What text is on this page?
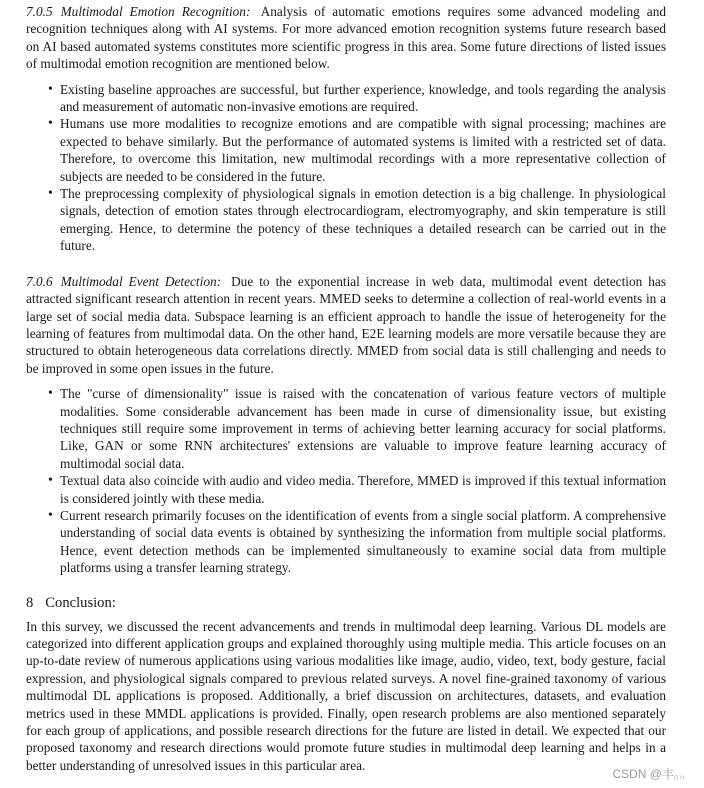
7.0.5 Multimodal Emotion Recognition: Analysis of automatic emotions requires some advanced modeling and recognition techniques along with AI systems. For more advanced emotion recognition systems future research based on AI based automated systems constitutes more scientific progress in this area. Some future directions of listed issues of multimodal emotion recognition are mentioned below.

• Existing baseline approaches are successful, but further experience, knowledge, and tools regarding the analysis and measurement of automatic non-invasive emotions are required.
• Humans use more modalities to recognize emotions and are compatible with signal processing; machines are expected to behave similarly. But the performance of automated systems is limited with a restricted set of data. Therefore, to overcome this limitation, new multimodal recordings with a more representative collection of subjects are needed to be considered in the future.
• The preprocessing complexity of physiological signals in emotion detection is a big challenge. In physiological signals, detection of emotion states through electrocardiogram, electromyography, and skin temperature is still emerging. Hence, to determine the potency of these techniques a detailed research can be carried out in the future.

7.0.6 Multimodal Event Detection: Due to the exponential increase in web data, multimodal event detection has attracted significant research attention in recent years. MMED seeks to determine a collection of real-world events in a large set of social media data. Subspace learning is an efficient approach to handle the issue of heterogeneity for the learning of features from multimodal data. On the other hand, E2E learning models are more versatile because they are structured to obtain heterogeneous data correlations directly. MMED from social data is still challenging and needs to be improved in some open issues in the future.

• The "curse of dimensionality" issue is raised with the concatenation of various feature vectors of multiple modalities. Some considerable advancement has been made in curse of dimensionality issue, but existing techniques still require some improvement in terms of achieving better learning accuracy for social platforms. Like, GAN or some RNN architectures' extensions are valuable to improve feature learning accuracy of multimodal social data.
• Textual data also coincide with audio and video media. Therefore, MMED is improved if this textual information is considered jointly with these media.
• Current research primarily focuses on the identification of events from a single social platform. A comprehensive understanding of social data events is obtained by synthesizing the information from multiple social platforms. Hence, event detection methods can be implemented simultaneously to examine social data from multiple platforms using a transfer learning strategy.
8 Conclusion:

In this survey, we discussed the recent advancements and trends in multimodal deep learning. Various DL models are categorized into different application groups and explained thoroughly using multiple media. This article focuses on an up-to-date review of numerous applications using various modalities like image, audio, video, text, body gesture, facial expression, and physiological signals compared to previous related surveys. A novel fine-grained taxonomy of various multimodal DL applications is proposed. Additionally, a brief discussion on architectures, datasets, and evaluation metrics used in these MMDL applications is provided. Finally, open research problems are also mentioned separately for each group of applications, and possible research directions for the future are listed in detail. We expected that our proposed taxonomy and research directions would promote future studies in multimodal deep learning and helps in a better understanding of unresolved issues in this particular area.

CSDN @丰。。
